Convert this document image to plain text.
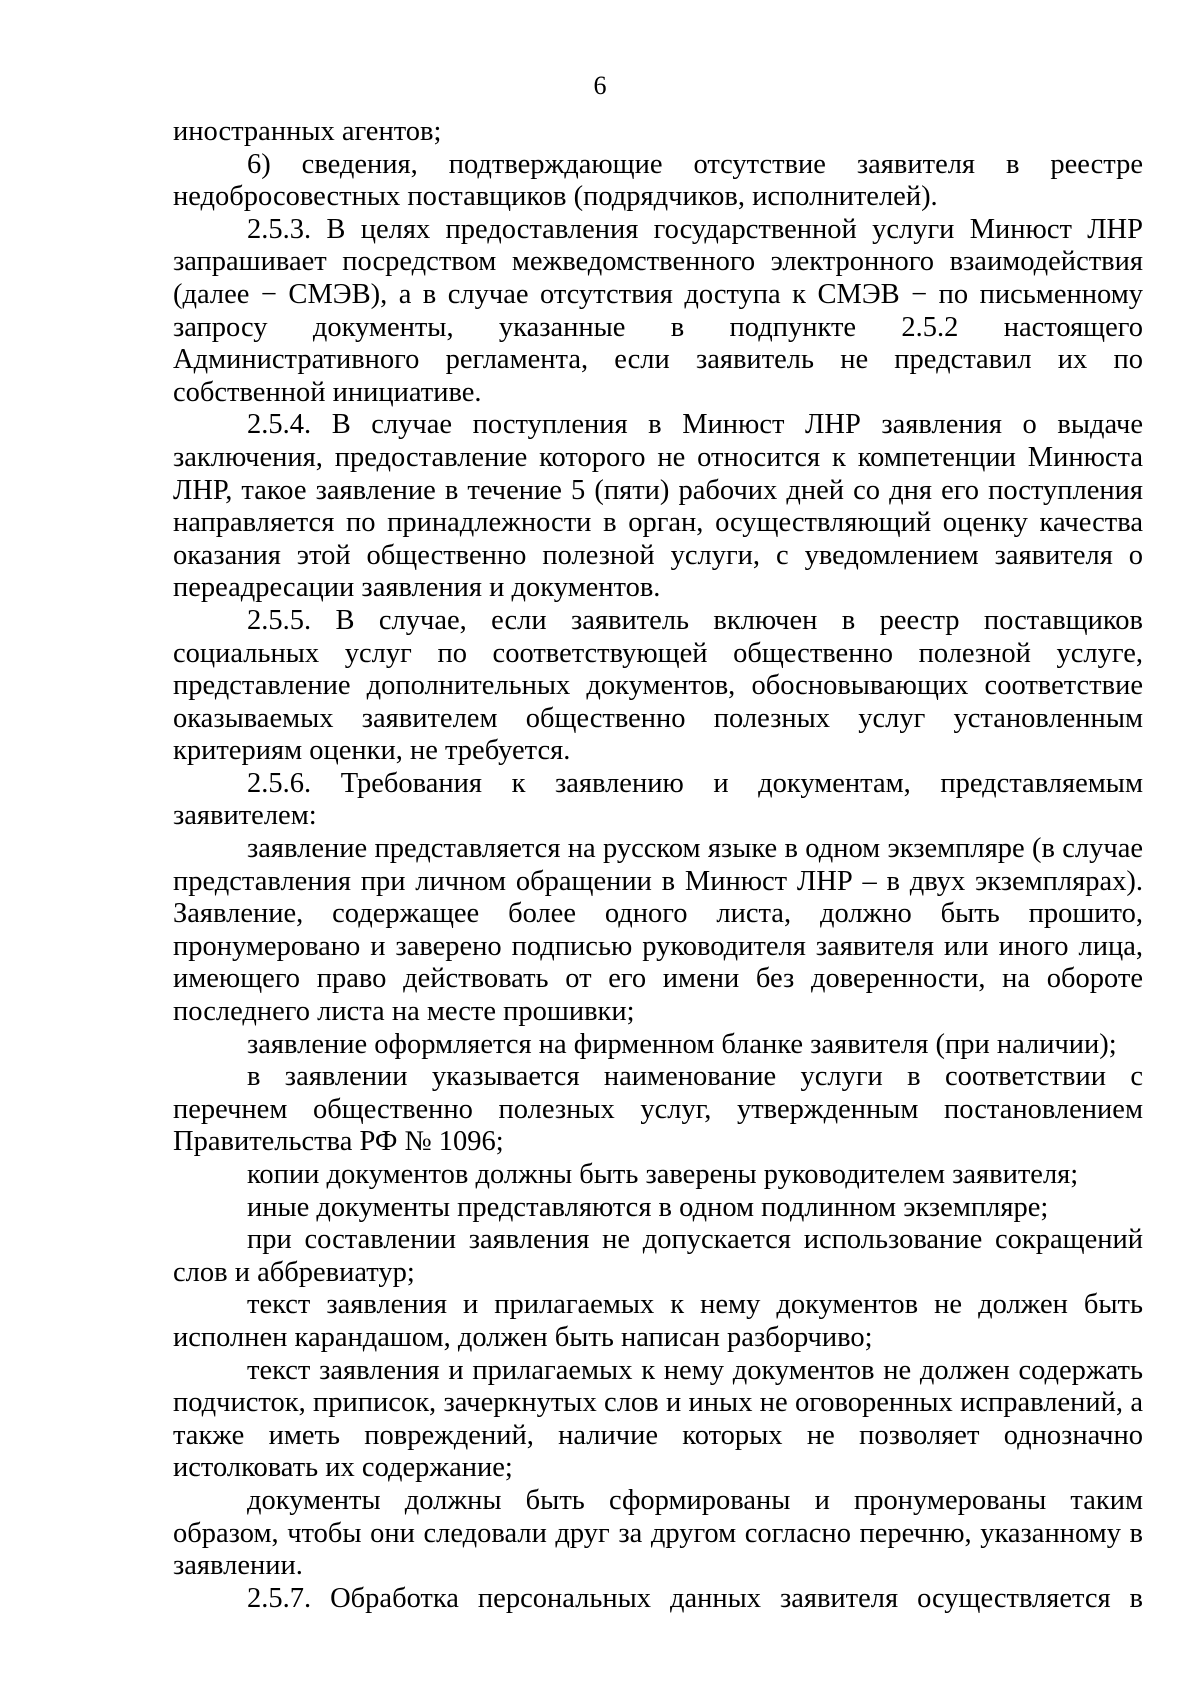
6

иностранных агентов;

6) сведения, подтверждающие отсутствие заявителя в реестре недобросовестных поставщиков (подрядчиков, исполнителей).

2.5.3. В целях предоставления государственной услуги Минюст ЛНР запрашивает посредством межведомственного электронного взаимодействия (далее − СМЭВ), а в случае отсутствия доступа к СМЭВ − по письменному запросу документы, указанные в подпункте 2.5.2 настоящего Административного регламента, если заявитель не представил их по собственной инициативе.

2.5.4. В случае поступления в Минюст ЛНР заявления о выдаче заключения, предоставление которого не относится к компетенции Минюста ЛНР, такое заявление в течение 5 (пяти) рабочих дней со дня его поступления направляется по принадлежности в орган, осуществляющий оценку качества оказания этой общественно полезной услуги, с уведомлением заявителя о переадресации заявления и документов.

2.5.5. В случае, если заявитель включен в реестр поставщиков социальных услуг по соответствующей общественно полезной услуге, представление дополнительных документов, обосновывающих соответствие оказываемых заявителем общественно полезных услуг установленным критериям оценки, не требуется.

2.5.6. Требования к заявлению и документам, представляемым заявителем:

заявление представляется на русском языке в одном экземпляре (в случае представления при личном обращении в Минюст ЛНР – в двух экземплярах). Заявление, содержащее более одного листа, должно быть прошито, пронумеровано и заверено подписью руководителя заявителя или иного лица, имеющего право действовать от его имени без доверенности, на обороте последнего листа на месте прошивки;

заявление оформляется на фирменном бланке заявителя (при наличии);

в заявлении указывается наименование услуги в соответствии с перечнем общественно полезных услуг, утвержденным постановлением Правительства РФ № 1096;

копии документов должны быть заверены руководителем заявителя;

иные документы представляются в одном подлинном экземпляре;

при составлении заявления не допускается использование сокращений слов и аббревиатур;

текст заявления и прилагаемых к нему документов не должен быть исполнен карандашом, должен быть написан разборчиво;

текст заявления и прилагаемых к нему документов не должен содержать подчисток, приписок, зачеркнутых слов и иных не оговоренных исправлений, а также иметь повреждений, наличие которых не позволяет однозначно истолковать их содержание;

документы должны быть сформированы и пронумерованы таким образом, чтобы они следовали друг за другом согласно перечню, указанному в заявлении.

2.5.7. Обработка персональных данных заявителя осуществляется в
